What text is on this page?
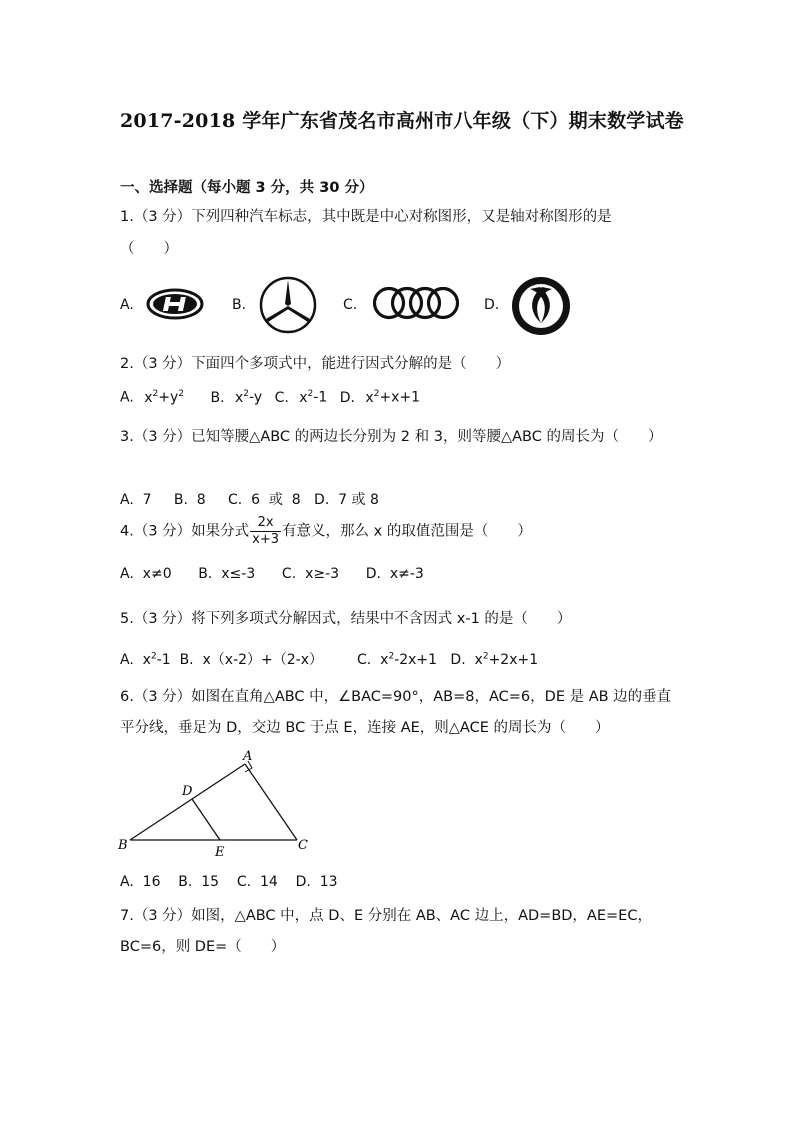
2017-2018 学年广东省茂名市高州市八年级（下）期末数学试卷
一、选择题（每小题 3 分，共 30 分）
1.（3 分）下列四种汽车标志，其中既是中心对称图形，又是轴对称图形的是
（　　）
A.	B.	C.	D.
2.（3 分）下面四个多项式中，能进行因式分解的是（　　）
A. $x^2+y^2$ B. $x^2-y$ C. $x^2-1$ D. $x^2+x+1$
3.（3 分）已知等腰△ABC 的两边长分别为 2 和 3，则等腰△ABC 的周长为（　　）
A.  7     B.  8     C.  6  或  8   D.  7 或 8
4.（3 分）如果分式 $\frac{2x}{x+3}$ 有意义，那么 x 的取值范围是（　　）
A.  x≠0      B.  x≤-3      C.  x≥-3      D.  x≠-3
5.（3 分）将下列多项式分解因式，结果中不含因式 x-1 的是（　　）
A.  $x^2-1$  B.  x（x-2）+（2-x） C.  $x^2-2x+1$   D.  $x^2+2x+1$
6.（3 分）如图在直角△ABC 中，∠BAC=90°，AB=8，AC=6，DE 是 AB 边的垂直
平分线，垂足为 D，交边 BC 于点 E，连接 AE，则△ACE 的周长为（　　）
A
B	C
D
E
A.  16    B.  15    C.  14    D.  13
7.（3 分）如图，△ABC 中，点 D、E 分别在 AB、AC 边上，AD=BD，AE=EC，
BC=6，则 DE=（　　）
